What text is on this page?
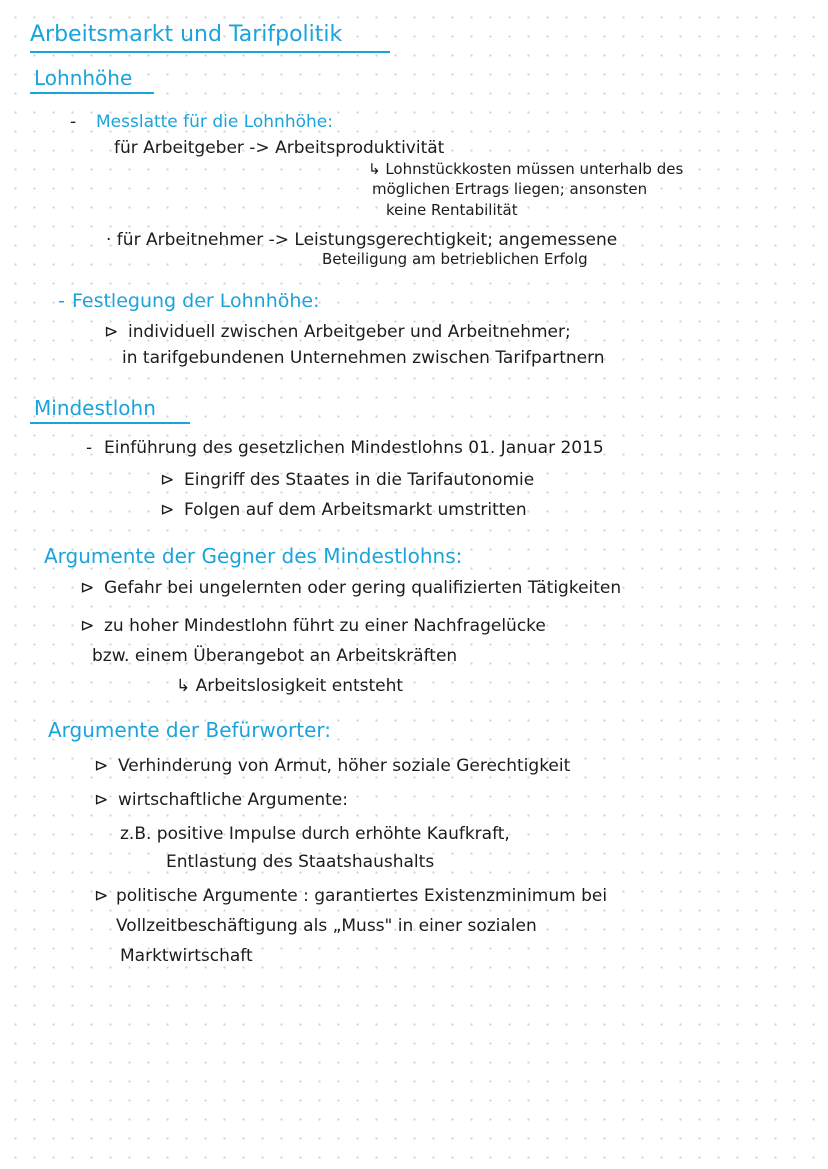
Arbeitsmarkt und Tarifpolitik
Lohnhöhe
- Messlatte für die Lohnhöhe:
für Arbeitgeber -> Arbeitsproduktivität
↳ Lohnstückkosten müssen unterhalb des
möglichen Ertrags liegen; ansonsten
keine Rentabilität
· für Arbeitnehmer -> Leistungsgerechtigkeit; angemessene
Beteiligung am betrieblichen Erfolg
- Festlegung der Lohnhöhe:
⊳ individuell zwischen Arbeitgeber und Arbeitnehmer;
in tarifgebundenen Unternehmen zwischen Tarifpartnern
Mindestlohn
- Einführung des gesetzlichen Mindestlohns 01. Januar 2015
⊳ Eingriff des Staates in die Tarifautonomie
⊳ Folgen auf dem Arbeitsmarkt umstritten
Argumente der Gegner des Mindestlohns:
⊳ Gefahr bei ungelernten oder gering qualifizierten Tätigkeiten
⊳ zu hoher Mindestlohn führt zu einer Nachfragelücke
bzw. einem Überangebot an Arbeitskräften
↳ Arbeitslosigkeit entsteht
Argumente der Befürworter:
⊳ Verhinderung von Armut, höher soziale Gerechtigkeit
⊳ wirtschaftliche Argumente:
z.B. positive Impulse durch erhöhte Kaufkraft,
Entlastung des Staatshaushalts
⊳ politische Argumente : garantiertes Existenzminimum bei
Vollzeitbeschäftigung als „Muss" in einer sozialen
Marktwirtschaft
